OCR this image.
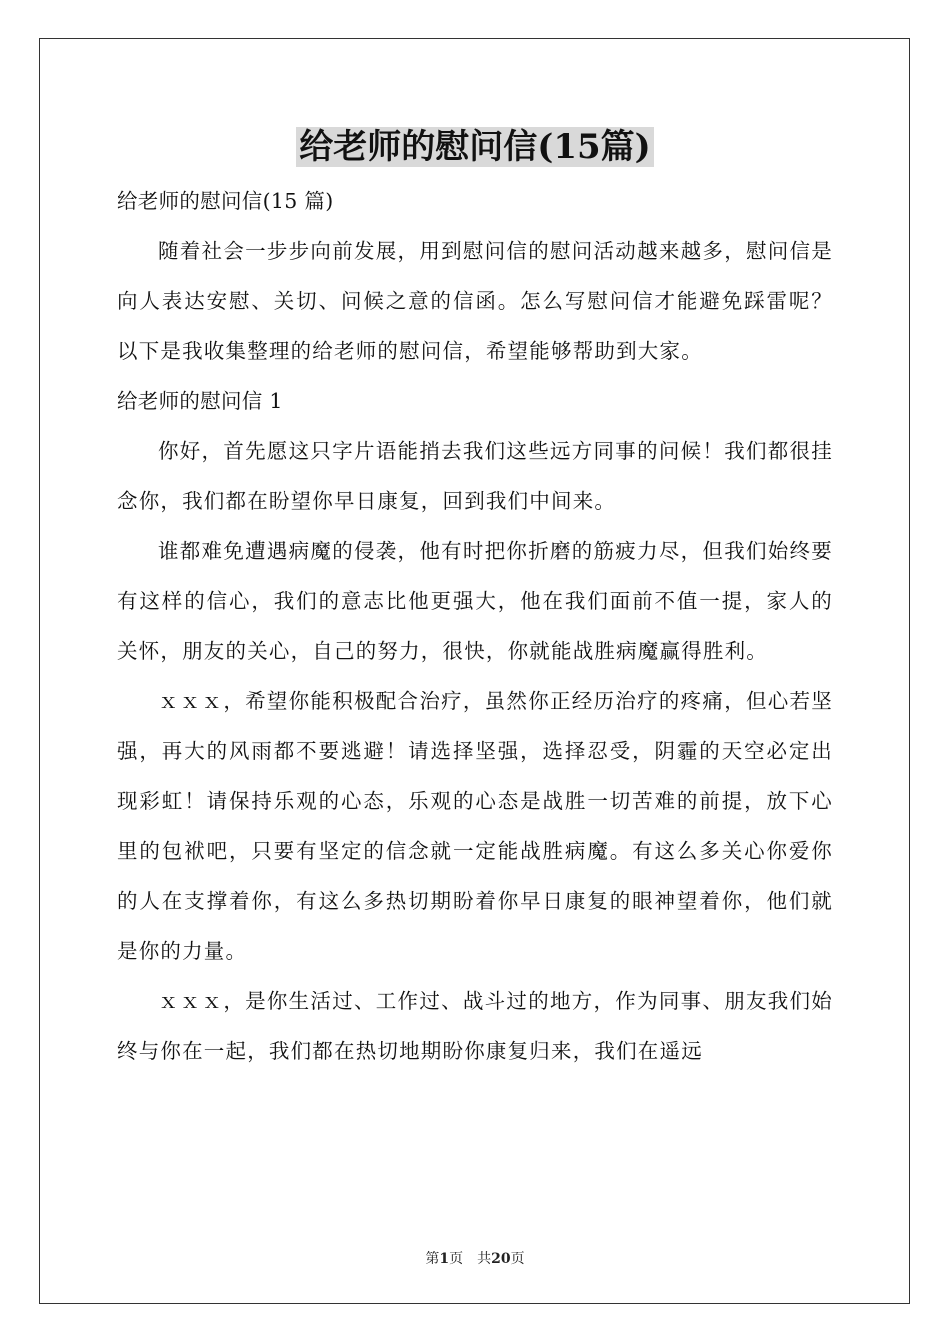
给老师的慰问信(15篇)

给老师的慰问信(15 篇)

随着社会一步步向前发展，用到慰问信的慰问活动越来越多，慰问信是向人表达安慰、关切、问候之意的信函。怎么写慰问信才能避免踩雷呢？以下是我收集整理的给老师的慰问信，希望能够帮助到大家。

给老师的慰问信 1

你好，首先愿这只字片语能捎去我们这些远方同事的问候！我们都很挂念你，我们都在盼望你早日康复，回到我们中间来。

谁都难免遭遇病魔的侵袭，他有时把你折磨的筋疲力尽，但我们始终要有这样的信心，我们的意志比他更强大，他在我们面前不值一提，家人的关怀，朋友的关心，自己的努力，很快，你就能战胜病魔赢得胜利。

ｘｘｘ，希望你能积极配合治疗，虽然你正经历治疗的疼痛，但心若坚强，再大的风雨都不要逃避！请选择坚强，选择忍受，阴霾的天空必定出现彩虹！请保持乐观的心态，乐观的心态是战胜一切苦难的前提，放下心里的包袱吧，只要有坚定的信念就一定能战胜病魔。有这么多关心你爱你的人在支撑着你，有这么多热切期盼着你早日康复的眼神望着你，他们就是你的力量。

ｘｘｘ，是你生活过、工作过、战斗过的地方，作为同事、朋友我们始终与你在一起，我们都在热切地期盼你康复归来，我们在遥远

第1页 共20页
